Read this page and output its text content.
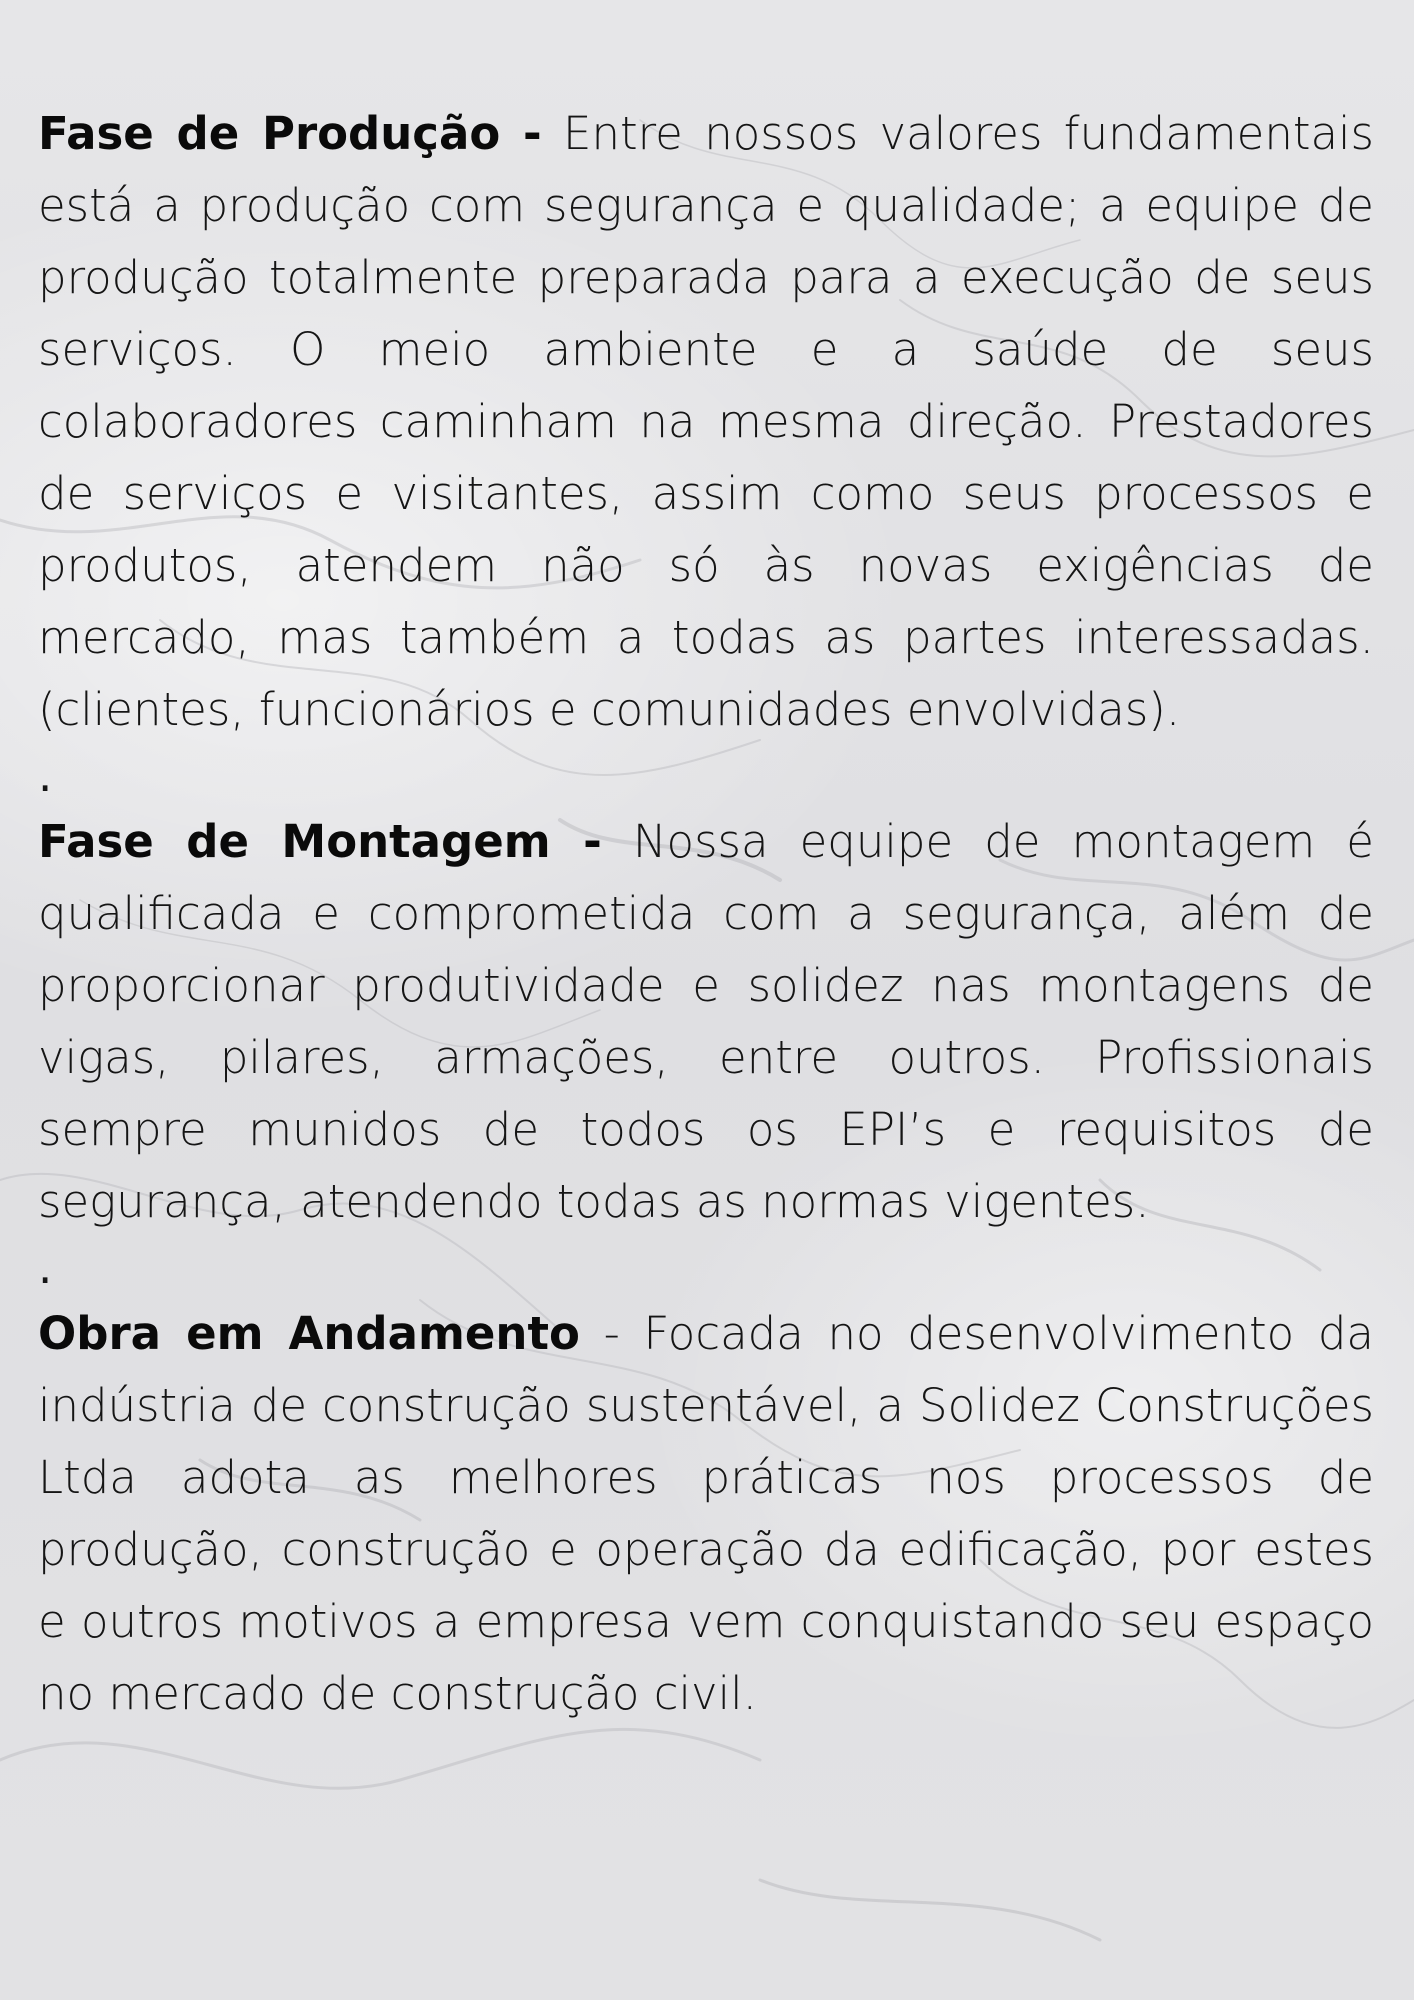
Fase de Produção - Entre nossos valores fundamentais está a produção com segurança e qualidade; a equipe de produção totalmente preparada para a execução de seus serviços. O meio ambiente e a saúde de seus colaboradores caminham na mesma direção. Prestadores de serviços e visitantes, assim como seus processos e produtos, atendem não só às novas exigências de mercado, mas também a todas as partes interessadas. (clientes, funcionários e comunidades envolvidas).

.

Fase de Montagem - Nossa equipe de montagem é qualificada e comprometida com a segurança, além de proporcionar produtividade e solidez nas montagens de vigas, pilares, armações, entre outros. Profissionais sempre munidos de todos os EPI’s e requisitos de segurança, atendendo todas as normas vigentes.

.

Obra em Andamento - Focada no desenvolvimento da indústria de construção sustentável, a Solidez Construções Ltda adota as melhores práticas nos processos de produção, construção e operação da edificação, por estes e outros motivos a empresa vem conquistando seu espaço no mercado de construção civil.
